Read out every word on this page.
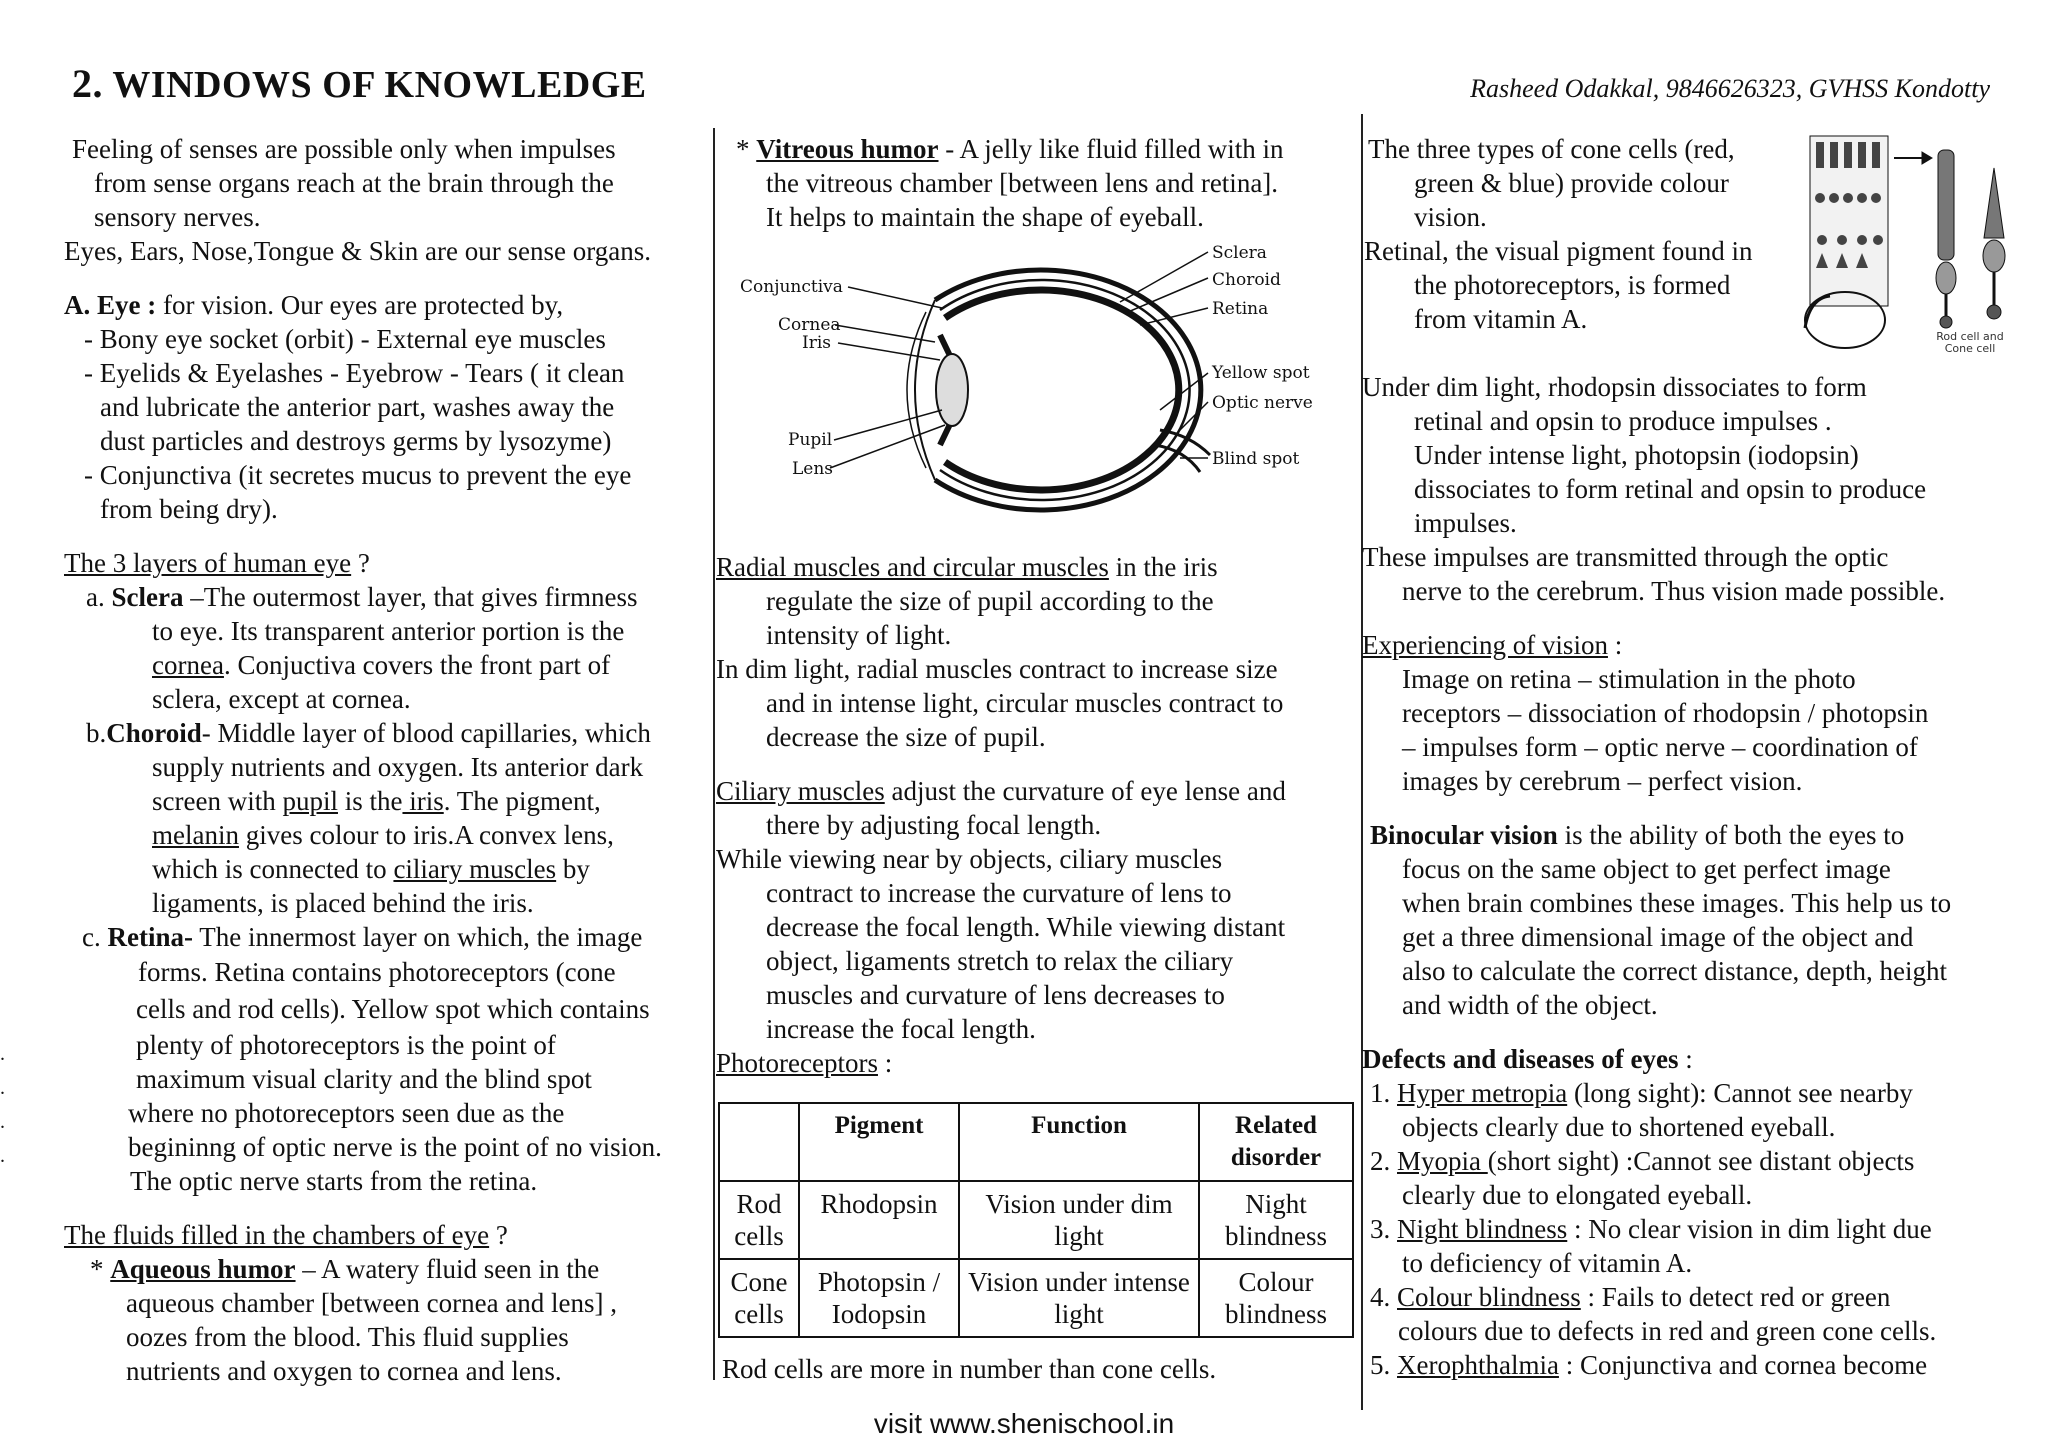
2. WINDOWS OF KNOWLEDGE	Rasheed Odakkal, 9846626323, GVHSS Kondotty
.
.
.
.

Feeling of senses are possible only when impulses

from sense organs reach at the brain through the

sensory nerves.

Eyes, Ears, Nose,Tongue & Skin are our sense organs.

A. Eye : for vision. Our eyes are protected by,

- Bony eye socket (orbit) - External eye muscles

- Eyelids & Eyelashes - Eyebrow - Tears ( it clean

and lubricate the anterior part, washes away the

dust particles and destroys germs by lysozyme)

- Conjunctiva (it secretes mucus to prevent the eye

from being dry).

The 3 layers of human eye ?

a. Sclera –The outermost layer, that gives firmness

to eye. Its transparent anterior portion is the

cornea. Conjuctiva covers the front part of

sclera, except at cornea.

b.Choroid- Middle layer of blood capillaries, which

supply nutrients and oxygen. Its anterior dark

screen with pupil is the iris. The pigment,

melanin gives colour to iris.A convex lens,

which is connected to ciliary muscles by

ligaments, is placed behind the iris.

c. Retina- The innermost layer on which, the image

forms. Retina contains photoreceptors (cone

cells and rod cells). Yellow spot which contains

plenty of photoreceptors is the point of

maximum visual clarity and the blind spot

where no photoreceptors seen due as the

begininng of optic nerve is the point of no vision.

The optic nerve starts from the retina.

The fluids filled in the chambers of eye ?

* Aqueous humor – A watery fluid seen in the

aqueous chamber [between cornea and lens] ,

oozes from the blood. This fluid supplies

nutrients and oxygen to cornea and lens.

* Vitreous humor - A jelly like fluid filled with in

the vitreous chamber [between lens and retina].

It helps to maintain the shape of eyeball.

Sclera
Choroid
Retina
Conjunctiva
Cornea
Iris
Yellow spot
Optic nerve
Pupil
Lens	Blind spot

Radial muscles and circular muscles in the iris

regulate the size of pupil according to the

intensity of light.

In dim light, radial muscles contract to increase size

and in intense light, circular muscles contract to

decrease the size of pupil.

Ciliary muscles adjust the curvature of eye lense and

there by adjusting focal length.

While viewing near by objects, ciliary muscles

contract to increase the curvature of lens to

decrease the focal length. While viewing distant

object, ligaments stretch to relax the ciliary

muscles and curvature of lens decreases to

increase the focal length.

Photoreceptors :

	Pigment	Function	Related disorder
Rod cells	Rhodopsin	Vision under dim light	Night blindness
Cone cells	Photopsin / Iodopsin	Vision under intense light	Colour blindness
Rod cells are more in number than cone cells.

The three types of cone cells (red,

green & blue) provide colour

vision.

Retinal, the visual pigment found in

the photoreceptors, is formed

from vitamin A.

Rod cell and
Cone cell

Under dim light, rhodopsin dissociates to form

retinal and opsin to produce impulses .

Under intense light, photopsin (iodopsin)

dissociates to form retinal and opsin to produce

impulses.

These impulses are transmitted through the optic

nerve to the cerebrum. Thus vision made possible.

Experiencing of vision :

Image on retina – stimulation in the photo

receptors – dissociation of rhodopsin / photopsin

– impulses form – optic nerve – coordination of

images by cerebrum – perfect vision.

Binocular vision is the ability of both the eyes to

focus on the same object to get perfect image

when brain combines these images. This help us to

get a three dimensional image of the object and

also to calculate the correct distance, depth, height

and width of the object.

Defects and diseases of eyes :

1. Hyper metropia (long sight): Cannot see nearby

objects clearly due to shortened eyeball.

2. Myopia (short sight) :Cannot see distant objects

clearly due to elongated eyeball.

3. Night blindness : No clear vision in dim light due

to deficiency of vitamin A.

4. Colour blindness : Fails to detect red or green

colours due to defects in red and green cone cells.

5. Xerophthalmia : Conjunctiva and cornea become

visit www.shenischool.in
